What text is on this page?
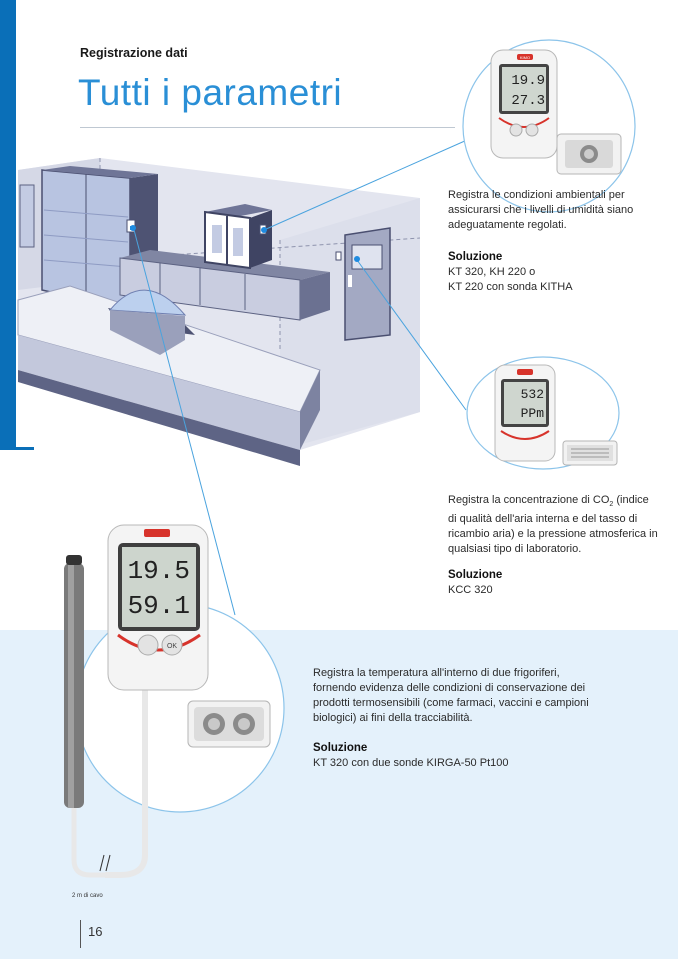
Registrazione dati
Tutti i parametri
KIMO
19.9
27.3
532
PPm
19.5
59.1
OK
Registra le condizioni ambientali per assicurarsi che i livelli di umidità siano adeguatamente regolati.
Soluzione
KT 320, KH 220 o
KT 220 con sonda KITHA
Registra la concentrazione di $CO_2$ (indice di qualità dell'aria interna e del tasso di ricambio aria) e la pressione atmosferica in qualsiasi tipo di laboratorio.
Soluzione
KCC 320
Registra la temperatura all'interno di due frigoriferi, fornendo evidenza delle condizioni di conservazione dei prodotti termosensibili (come farmaci, vaccini e campioni biologici) ai fini della tracciabilità.
Soluzione
KT 320 con due sonde KIRGA-50 Pt100
2 m di cavo
16
